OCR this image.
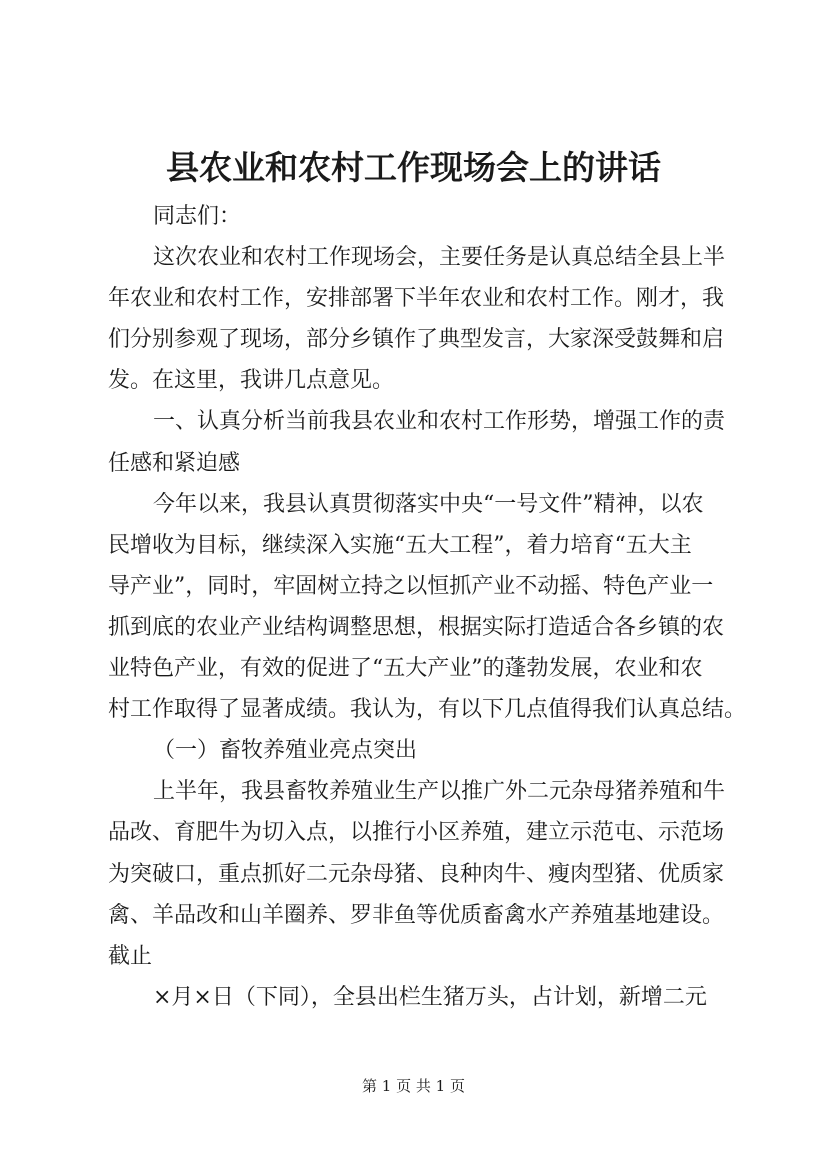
县农业和农村工作现场会上的讲话
同志们：
这次农业和农村工作现场会，主要任务是认真总结全县上半
年农业和农村工作，安排部署下半年农业和农村工作。刚才，我
们分别参观了现场，部分乡镇作了典型发言，大家深受鼓舞和启
发。在这里，我讲几点意见。
一、认真分析当前我县农业和农村工作形势，增强工作的责
任感和紧迫感
今年以来，我县认真贯彻落实中央“一号文件”精神，以农
民增收为目标，继续深入实施“五大工程”，着力培育“五大主
导产业”，同时，牢固树立持之以恒抓产业不动摇、特色产业一
抓到底的农业产业结构调整思想，根据实际打造适合各乡镇的农
业特色产业，有效的促进了“五大产业”的蓬勃发展，农业和农
村工作取得了显著成绩。我认为，有以下几点值得我们认真总结。
（一）畜牧养殖业亮点突出
上半年，我县畜牧养殖业生产以推广外二元杂母猪养殖和牛
品改、育肥牛为切入点，以推行小区养殖，建立示范屯、示范场
为突破口，重点抓好二元杂母猪、良种肉牛、瘦肉型猪、优质家
禽、羊品改和山羊圈养、罗非鱼等优质畜禽水产养殖基地建设。
截止
×月×日（下同），全县出栏生猪万头，占计划，新增二元
第 1 页 共 1 页
